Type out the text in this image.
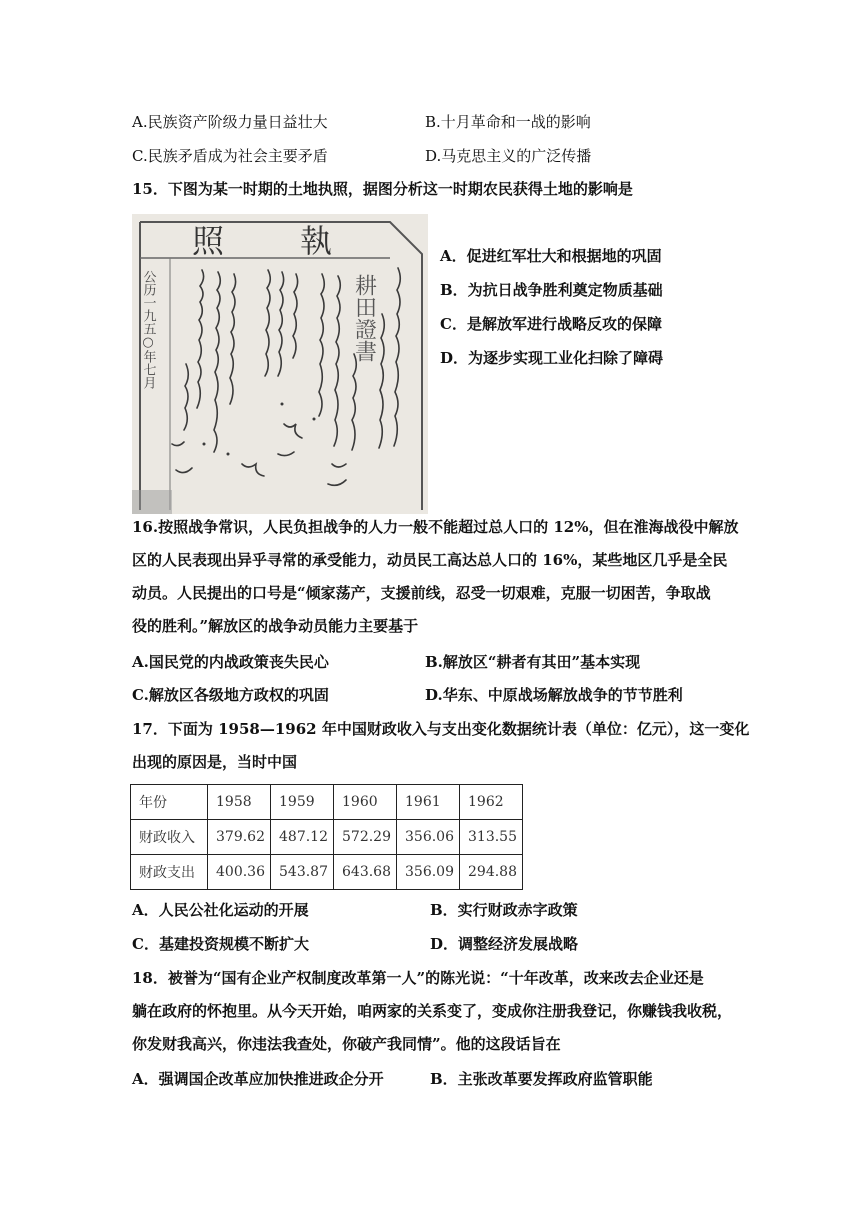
A.民族资产阶级力量日益壮大	B.十月革命和一战的影响
C.民族矛盾成为社会主要矛盾	D.马克思主义的广泛传播
15．下图为某一时期的土地执照，据图分析这一时期农民获得土地的影响是
照 執
耕田證書
公历一九五○年七月
A．促进红军壮大和根据地的巩固
B．为抗日战争胜利奠定物质基础
C．是解放军进行战略反攻的保障
D．为逐步实现工业化扫除了障碍
16.按照战争常识，人民负担战争的人力一般不能超过总人口的 12%，但在淮海战役中解放
区的人民表现出异乎寻常的承受能力，动员民工高达总人口的 16%，某些地区几乎是全民
动员。人民提出的口号是“倾家荡产，支援前线，忍受一切艰难，克服一切困苦，争取战
役的胜利。”解放区的战争动员能力主要基于
A.国民党的内战政策丧失民心	B.解放区“耕者有其田”基本实现
C.解放区各级地方政权的巩固	D.华东、中原战场解放战争的节节胜利
17．下面为 1958—1962 年中国财政收入与支出变化数据统计表（单位：亿元），这一变化
出现的原因是，当时中国
年份	1958	1959	1960	1961	1962
财政收入	379.62	487.12	572.29	356.06	313.55
财政支出	400.36	543.87	643.68	356.09	294.88
A．人民公社化运动的开展	B．实行财政赤字政策
C．基建投资规模不断扩大	D．调整经济发展战略
18．被誉为“国有企业产权制度改革第一人”的陈光说：“十年改革，改来改去企业还是
躺在政府的怀抱里。从今天开始，咱两家的关系变了，变成你注册我登记，你赚钱我收税，
你发财我高兴，你违法我查处，你破产我同情”。他的这段话旨在
A．强调国企改革应加快推进政企分开	B．主张改革要发挥政府监管职能
